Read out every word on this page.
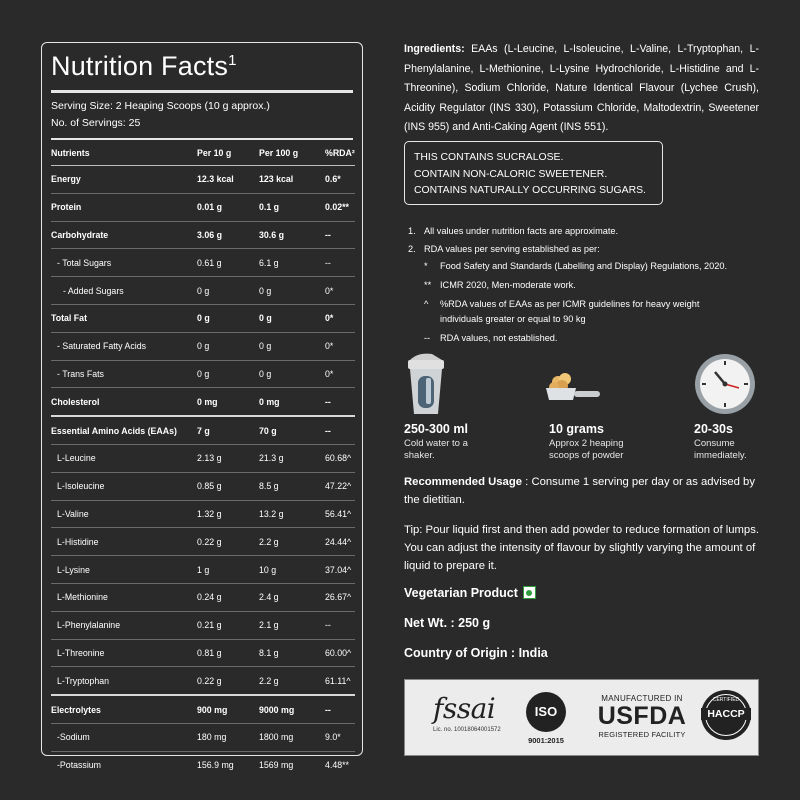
Nutrition Facts$^1$
Serving Size: 2 Heaping Scoops (10 g approx.)
No. of Servings: 25
Nutrients	Per 10 g	Per 100 g	%RDA²
Energy	12.3 kcal	123 kcal	0.6*
Protein	0.01 g	0.1 g	0.02**
Carbohydrate	3.06 g	30.6 g	--
- Total Sugars	0.61 g	6.1 g	--
- Added Sugars	0 g	0 g	0*
Total Fat	0 g	0 g	0*
- Saturated Fatty Acids	0 g	0 g	0*
- Trans Fats	0 g	0 g	0*
Cholesterol	0 mg	0 mg	--
Essential Amino Acids (EAAs)	7 g	70 g	--
L-Leucine	2.13 g	21.3 g	60.68^
L-Isoleucine	0.85 g	8.5 g	47.22^
L-Valine	1.32 g	13.2 g	56.41^
L-Histidine	0.22 g	2.2 g	24.44^
L-Lysine	1 g	10 g	37.04^
L-Methionine	0.24 g	2.4 g	26.67^
L-Phenylalanine	0.21 g	2.1 g	--
L-Threonine	0.81 g	8.1 g	60.00^
L-Tryptophan	0.22 g	2.2 g	61.11^
Electrolytes	900 mg	9000 mg	--
-Sodium	180 mg	1800 mg	9.0*
-Potassium	156.9 mg	1569 mg	4.48**
Ingredients: EAAs (L-Leucine, L-Isoleucine, L-Valine, L-Tryptophan, L-Phenylalanine, L-Methionine, L-Lysine Hydrochloride, L-Histidine and L-Threonine), Sodium Chloride, Nature Identical Flavour (Lychee Crush), Acidity Regulator (INS 330), Potassium Chloride, Maltodextrin, Sweetener (INS 955) and Anti-Caking Agent (INS 551).
THIS CONTAINS SUCRALOSE.
CONTAIN NON-CALORIC SWEETENER.
CONTAINS NATURALLY OCCURRING SUGARS.
1. All values under nutrition facts are approximate.
2. RDA values per serving established as per:
*	Food Safety and Standards (Labelling and Display) Regulations, 2020.
** ICMR 2020, Men-moderate work.
^	%RDA values of EAAs as per ICMR guidelines for heavy weight individuals greater or equal to 90 kg
--	RDA values, not established.
250-300 ml
Cold water to a
shaker.
10 grams
Approx 2 heaping
scoops of powder
20-30s
Consume
immediately.
Recommended Usage : Consume 1 serving per day or as advised by the dietitian.
Tip: Pour liquid first and then add powder to reduce formation of lumps. You can adjust the intensity of flavour by slightly varying the amount of liquid to prepare it.
Vegetarian Product
Net Wt. : 250 g
Country of Origin : India
fssai
Lic. no. 10018064001572
ISO
9001:2015
MANUFACTURED IN
USFDA
REGISTERED FACILITY
CERTIFIED
HACCP
